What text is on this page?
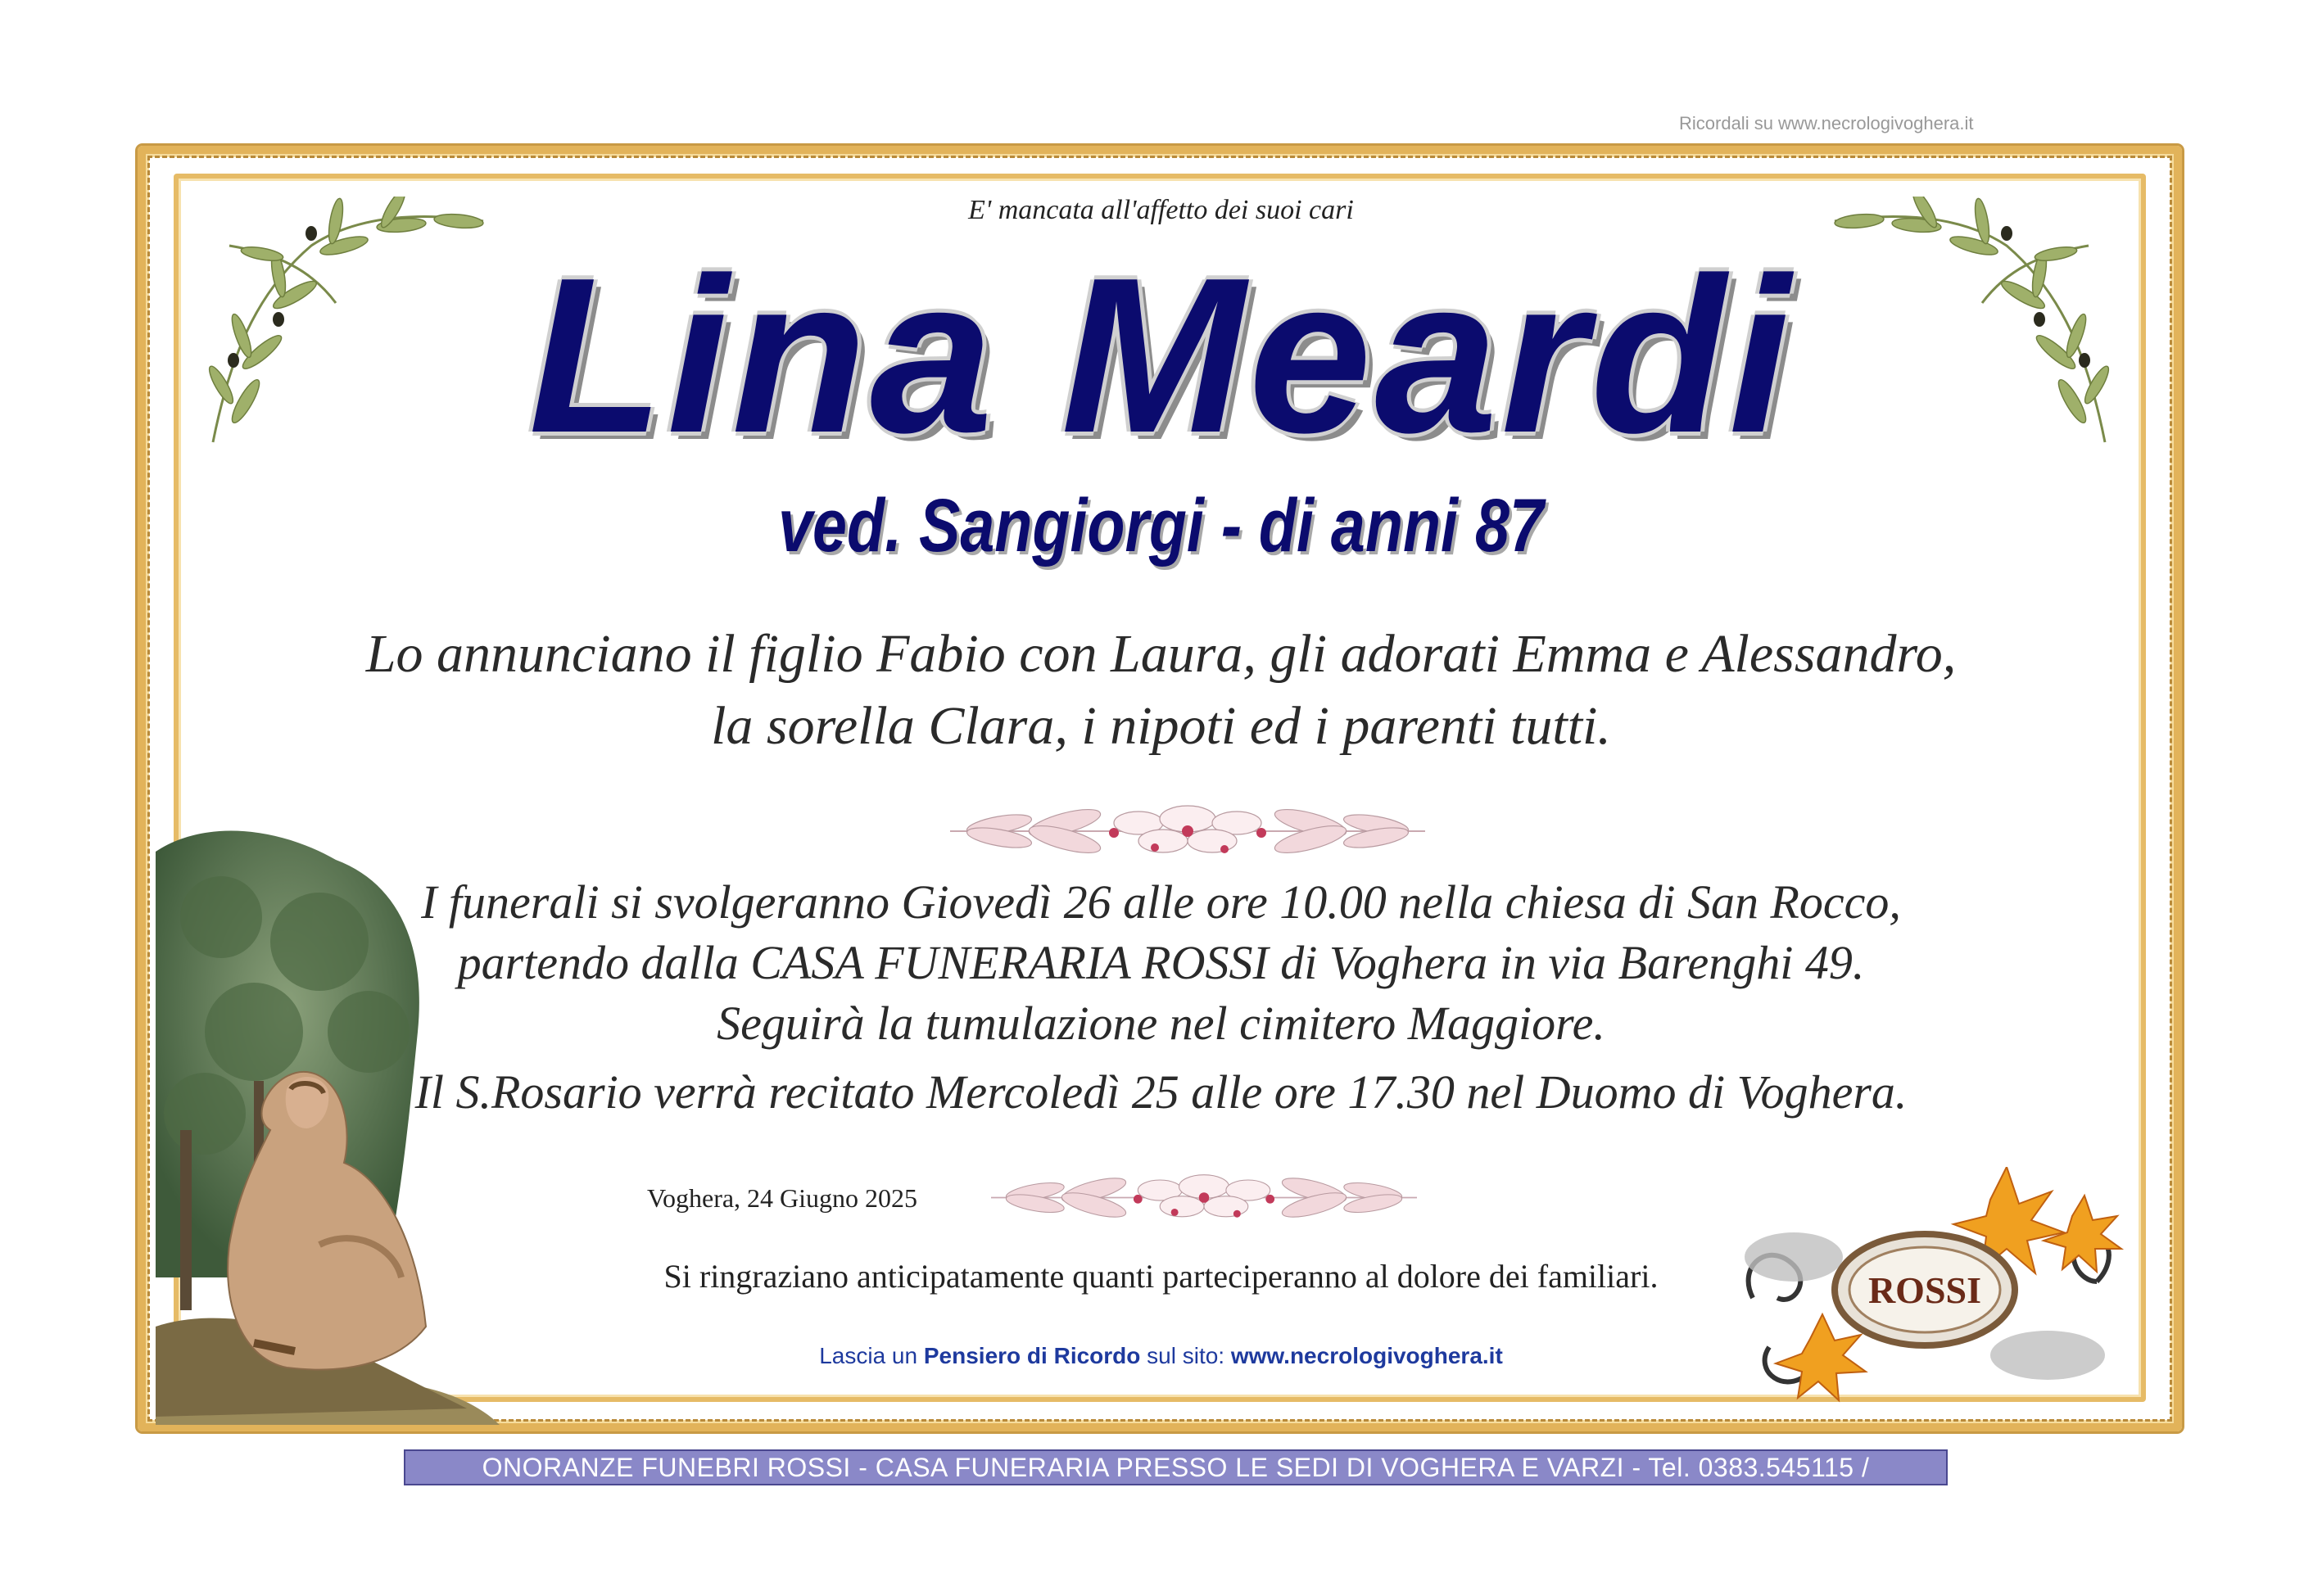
Ricordali su www.necrologivoghera.it
E' mancata all'affetto dei suoi cari
Lina Meardi
ved. Sangiorgi - di anni 87
Lo annunciano il figlio Fabio con Laura, gli adorati Emma e Alessandro,
la sorella Clara, i nipoti ed i parenti tutti.
I funerali si svolgeranno Giovedì 26 alle ore 10.00 nella chiesa di San Rocco,
partendo dalla CASA FUNERARIA ROSSI di Voghera in via Barenghi 49.
Seguirà la tumulazione nel cimitero Maggiore.
Il S.Rosario verrà recitato Mercoledì 25 alle ore 17.30 nel Duomo di Voghera.
Voghera, 24 Giugno 2025
Si ringraziano anticipatamente quanti parteciperanno al dolore dei familiari.
Lascia un Pensiero di Ricordo sul sito: www.necrologivoghera.it
ROSSI
ONORANZE FUNEBRI ROSSI - CASA FUNERARIA PRESSO LE SEDI DI VOGHERA E VARZI - Tel. 0383.545115 / 0383.212864
